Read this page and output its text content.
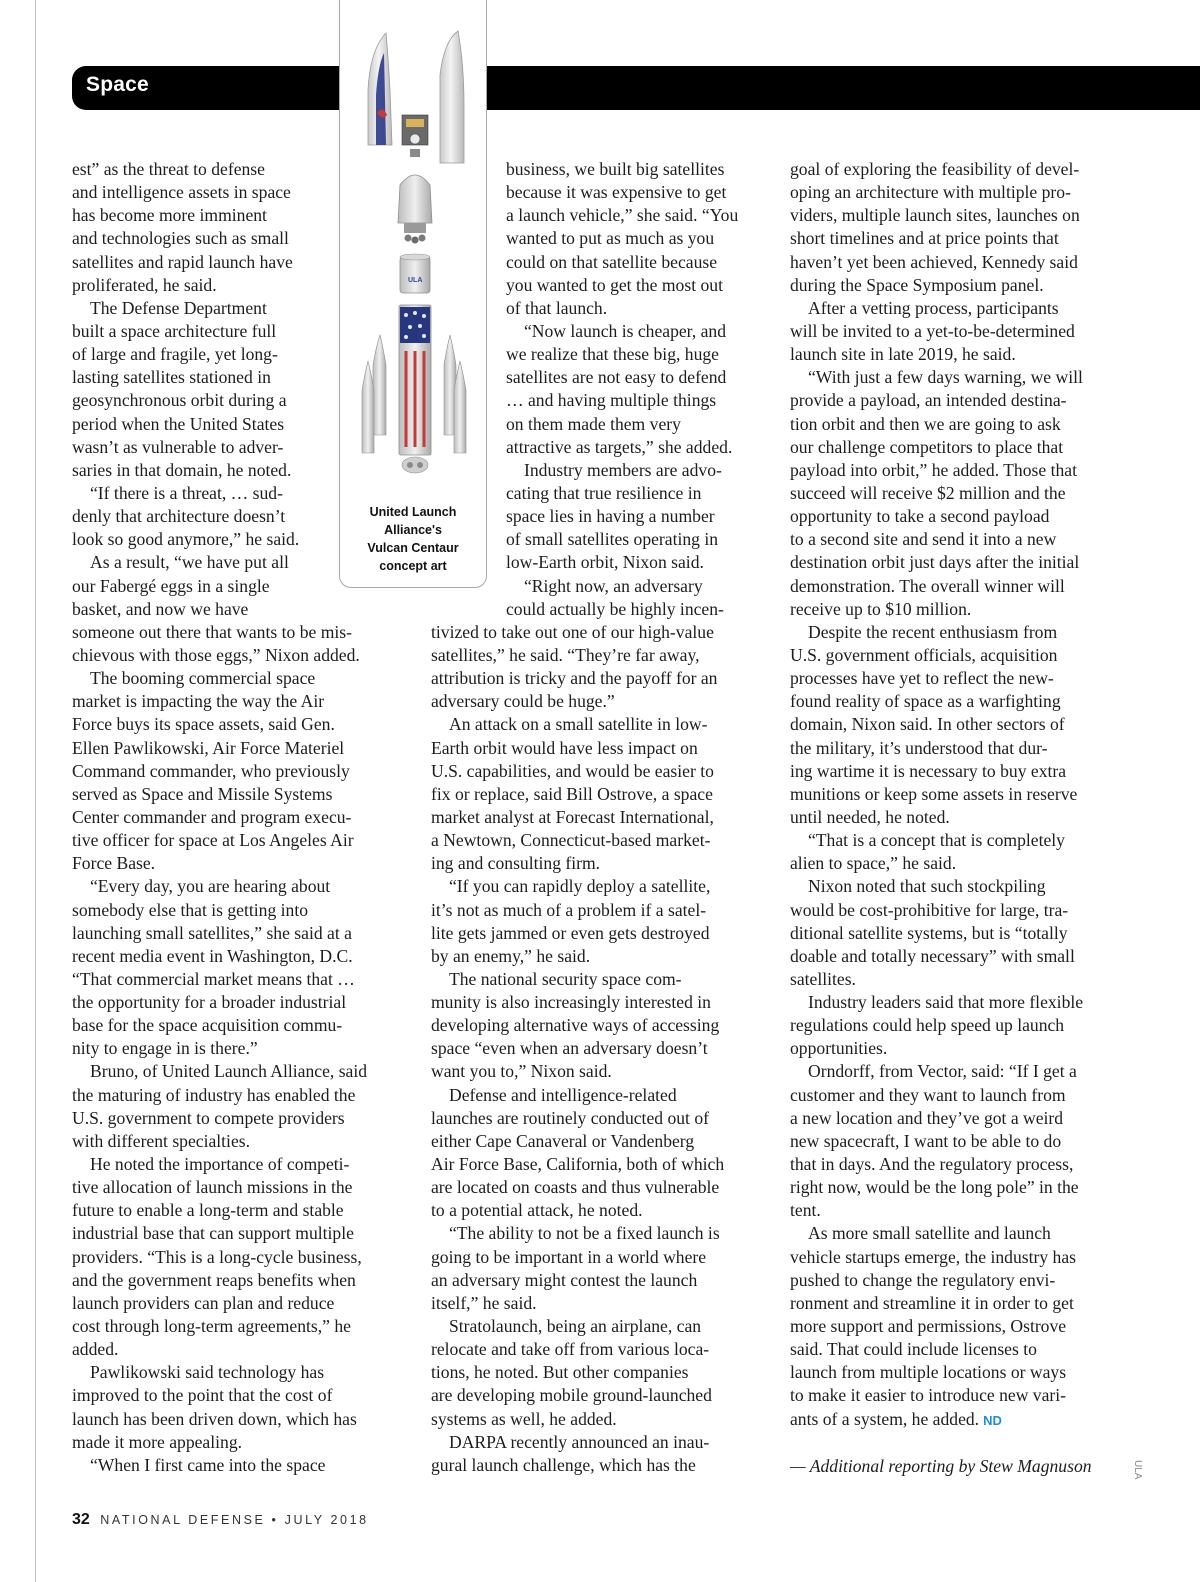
Space
ULA
United Launch
Alliance's
Vulcan Centaur
concept art
est” as the threat to defense
and intelligence assets in space
has become more imminent
and technologies such as small
satellites and rapid launch have
proliferated, he said.
The Defense Department
built a space architecture full
of large and fragile, yet long-
lasting satellites stationed in
geosynchronous orbit during a
period when the United States
wasn’t as vulnerable to adver-
saries in that domain, he noted.
“If there is a threat, … sud-
denly that architecture doesn’t
look so good anymore,” he said.
As a result, “we have put all
our Fabergé eggs in a single
basket, and now we have
someone out there that wants to be mis-
chievous with those eggs,” Nixon added.
The booming commercial space
market is impacting the way the Air
Force buys its space assets, said Gen.
Ellen Pawlikowski, Air Force Materiel
Command commander, who previously
served as Space and Missile Systems
Center commander and program execu-
tive officer for space at Los Angeles Air
Force Base.
“Every day, you are hearing about
somebody else that is getting into
launching small satellites,” she said at a
recent media event in Washington, D.C.
“That commercial market means that …
the opportunity for a broader industrial
base for the space acquisition commu-
nity to engage in is there.”
Bruno, of United Launch Alliance, said
the maturing of industry has enabled the
U.S. government to compete providers
with different specialties.
He noted the importance of competi-
tive allocation of launch missions in the
future to enable a long-term and stable
industrial base that can support multiple
providers. “This is a long-cycle business,
and the government reaps benefits when
launch providers can plan and reduce
cost through long-term agreements,” he
added.
Pawlikowski said technology has
improved to the point that the cost of
launch has been driven down, which has
made it more appealing.
“When I first came into the space
business, we built big satellites
because it was expensive to get
a launch vehicle,” she said. “You
wanted to put as much as you
could on that satellite because
you wanted to get the most out
of that launch.
“Now launch is cheaper, and
we realize that these big, huge
satellites are not easy to defend
… and having multiple things
on them made them very
attractive as targets,” she added.
Industry members are advo-
cating that true resilience in
space lies in having a number
of small satellites operating in
low-Earth orbit, Nixon said.
“Right now, an adversary
could actually be highly incen-
tivized to take out one of our high-value
satellites,” he said. “They’re far away,
attribution is tricky and the payoff for an
adversary could be huge.”
An attack on a small satellite in low-
Earth orbit would have less impact on
U.S. capabilities, and would be easier to
fix or replace, said Bill Ostrove, a space
market analyst at Forecast International,
a Newtown, Connecticut-based market-
ing and consulting firm.
“If you can rapidly deploy a satellite,
it’s not as much of a problem if a satel-
lite gets jammed or even gets destroyed
by an enemy,” he said.
The national security space com-
munity is also increasingly interested in
developing alternative ways of accessing
space “even when an adversary doesn’t
want you to,” Nixon said.
Defense and intelligence-related
launches are routinely conducted out of
either Cape Canaveral or Vandenberg
Air Force Base, California, both of which
are located on coasts and thus vulnerable
to a potential attack, he noted.
“The ability to not be a fixed launch is
going to be important in a world where
an adversary might contest the launch
itself,” he said.
Stratolaunch, being an airplane, can
relocate and take off from various loca-
tions, he noted. But other companies
are developing mobile ground-launched
systems as well, he added.
DARPA recently announced an inau-
gural launch challenge, which has the
goal of exploring the feasibility of devel-
oping an architecture with multiple pro-
viders, multiple launch sites, launches on
short timelines and at price points that
haven’t yet been achieved, Kennedy said
during the Space Symposium panel.
After a vetting process, participants
will be invited to a yet-to-be-determined
launch site in late 2019, he said.
“With just a few days warning, we will
provide a payload, an intended destina-
tion orbit and then we are going to ask
our challenge competitors to place that
payload into orbit,” he added. Those that
succeed will receive $2 million and the
opportunity to take a second payload
to a second site and send it into a new
destination orbit just days after the initial
demonstration. The overall winner will
receive up to $10 million.
Despite the recent enthusiasm from
U.S. government officials, acquisition
processes have yet to reflect the new-
found reality of space as a warfighting
domain, Nixon said. In other sectors of
the military, it’s understood that dur-
ing wartime it is necessary to buy extra
munitions or keep some assets in reserve
until needed, he noted.
“That is a concept that is completely
alien to space,” he said.
Nixon noted that such stockpiling
would be cost-prohibitive for large, tra-
ditional satellite systems, but is “totally
doable and totally necessary” with small
satellites.
Industry leaders said that more flexible
regulations could help speed up launch
opportunities.
Orndorff, from Vector, said: “If I get a
customer and they want to launch from
a new location and they’ve got a weird
new spacecraft, I want to be able to do
that in days. And the regulatory process,
right now, would be the long pole” in the
tent.
As more small satellite and launch
vehicle startups emerge, the industry has
pushed to change the regulatory envi-
ronment and streamline it in order to get
more support and permissions, Ostrove
said. That could include licenses to
launch from multiple locations or ways
to make it easier to introduce new vari-
ants of a system, he added. ND
— Additional reporting by Stew Magnuson	ULA
32 NATIONAL DEFENSE • JULY 2018
